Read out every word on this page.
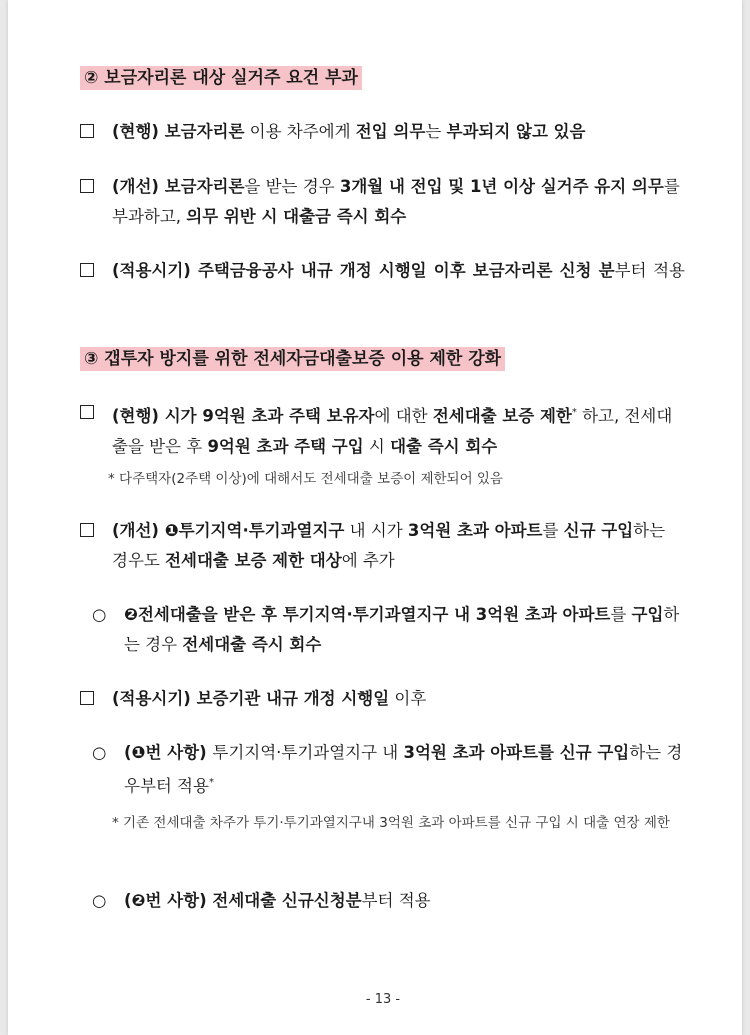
② 보금자리론 대상 실거주 요건 부과
(현행) 보금자리론 이용 차주에게 전입 의무는 부과되지 않고 있음
(개선) 보금자리론을 받는 경우 3개월 내 전입 및 1년 이상 실거주 유지 의무를 부과하고, 의무 위반 시 대출금 즉시 회수
(적용시기) 주택금융공사 내규 개정 시행일 이후 보금자리론 신청 분부터 적용
③ 갭투자 방지를 위한 전세자금대출보증 이용 제한 강화
(현행) 시가 9억원 초과 주택 보유자에 대한 전세대출 보증 제한* 하고, 전세대출을 받은 후 9억원 초과 주택 구입 시 대출 즉시 회수
* 다주택자(2주택 이상)에 대해서도 전세대출 보증이 제한되어 있음
(개선) ❶투기지역·투기과열지구 내 시가 3억원 초과 아파트를 신규 구입하는 경우도 전세대출 보증 제한 대상에 추가
○ ❷전세대출을 받은 후 투기지역·투기과열지구 내 3억원 초과 아파트를 구입하는 경우 전세대출 즉시 회수
(적용시기) 보증기관 내규 개정 시행일 이후
○ (❶번 사항) 투기지역·투기과열지구 내 3억원 초과 아파트를 신규 구입하는 경우부터 적용*
* 기존 전세대출 차주가 투기·투기과열지구내 3억원 초과 아파트를 신규 구입 시 대출 연장 제한
○ (❷번 사항) 전세대출 신규신청분부터 적용
- 13 -
